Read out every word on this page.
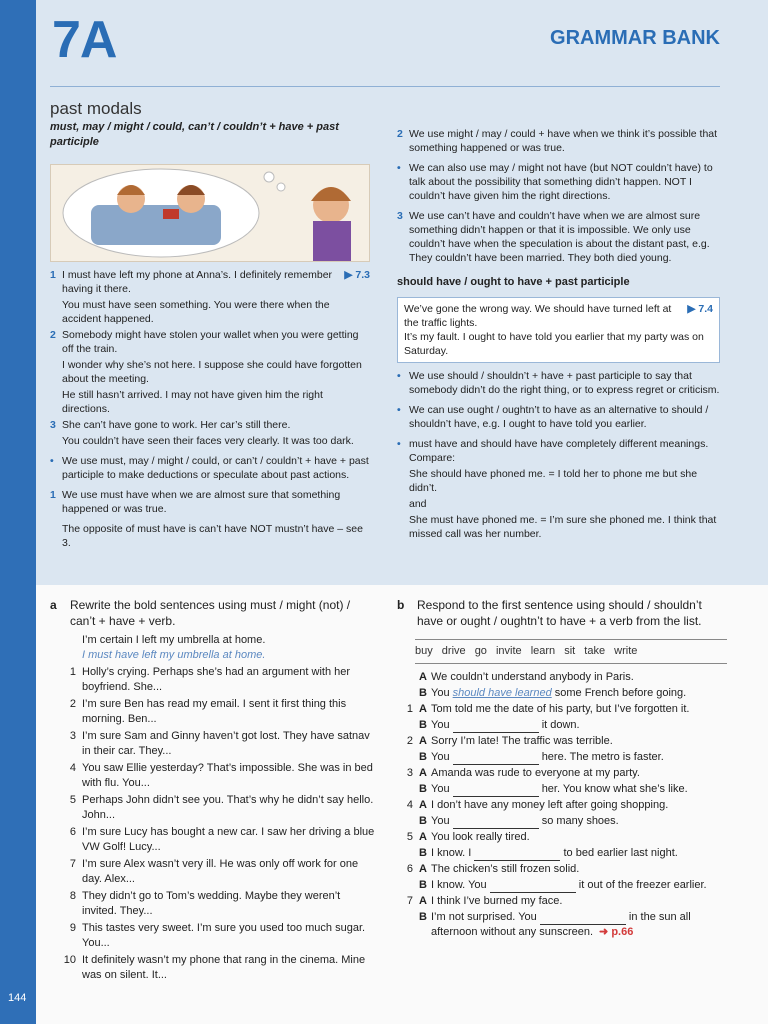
7A	GRAMMAR BANK
144
past modals
must, may / might / could, can’t / couldn’t + have + past participle
1 I must have left my phone at Anna’s. I definitely remember having it there.
▶ 7.3
You must have seen something. You were there when the accident happened.
2 Somebody might have stolen your wallet when you were getting off the train.
I wonder why she’s not here. I suppose she could have forgotten about the meeting.
He still hasn’t arrived. I may not have given him the right directions.
3 She can’t have gone to work. Her car’s still there.
You couldn’t have seen their faces very clearly. It was too dark.
• We use must, may / might / could, or can’t / couldn’t + have + past participle to make deductions or speculate about past actions.
1 We use must have when we are almost sure that something happened or was true.
The opposite of must have is can’t have NOT mustn’t have – see 3.
2 We use might / may / could + have when we think it’s possible that something happened or was true.
• We can also use may / might not have (but NOT couldn’t have) to talk about the possibility that something didn’t happen. NOT I couldn’t have given him the right directions.
3 We use can’t have and couldn’t have when we are almost sure something didn’t happen or that it is impossible. We only use couldn’t have when the speculation is about the distant past, e.g. They couldn’t have been married. They both died young.
should have / ought to have + past participle
We’ve gone the wrong way. We should have turned left at the traffic lights.
▶ 7.4
It’s my fault. I ought to have told you earlier that my party was on Saturday.
• We use should / shouldn’t + have + past participle to say that somebody didn’t do the right thing, or to express regret or criticism.
• We can use ought / oughtn’t to have as an alternative to should / shouldn’t have, e.g. I ought to have told you earlier.
• must have and should have have completely different meanings. Compare:
She should have phoned me. = I told her to phone me but she didn’t.
and
She must have phoned me. = I’m sure she phoned me. I think that missed call was her number.
a	Rewrite the bold sentences using must / might (not) / can’t + have + verb.
I’m certain I left my umbrella at home.
I must have left my umbrella at home.
1 Holly’s crying. Perhaps she’s had an argument with her boyfriend. She...
2 I’m sure Ben has read my email. I sent it first thing this morning. Ben...
3 I’m sure Sam and Ginny haven’t got lost. They have satnav in their car. They...
4 You saw Ellie yesterday? That’s impossible. She was in bed with flu. You...
5 Perhaps John didn’t see you. That’s why he didn’t say hello. John...
6 I’m sure Lucy has bought a new car. I saw her driving a blue VW Golf! Lucy...
7 I’m sure Alex wasn’t very ill. He was only off work for one day. Alex...
8 They didn’t go to Tom’s wedding. Maybe they weren’t invited. They...
9 This tastes very sweet. I’m sure you used too much sugar. You...
10 It definitely wasn’t my phone that rang in the cinema. Mine was on silent. It...
b	Respond to the first sentence using should / shouldn’t have or ought / oughtn’t to have + a verb from the list.
buy drive go invite learn sit take write
A We couldn’t understand anybody in Paris.
B You should have learned some French before going.
1 A Tom told me the date of his party, but I’ve forgotten it.
B You	it down.
2 A Sorry I’m late! The traffic was terrible.
B You	here. The metro is faster.
3 A Amanda was rude to everyone at my party.
B You	her. You know what she’s like.
4 A I don’t have any money left after going shopping.
B You	so many shoes.
5 A You look really tired.
B I know. I	to bed earlier last night.
6 A The chicken’s still frozen solid.
B I know. You	it out of the freezer earlier.
7 A I think I’ve burned my face.
B I’m not surprised. You	in the sun all afternoon without any sunscreen. ➜ p.66
